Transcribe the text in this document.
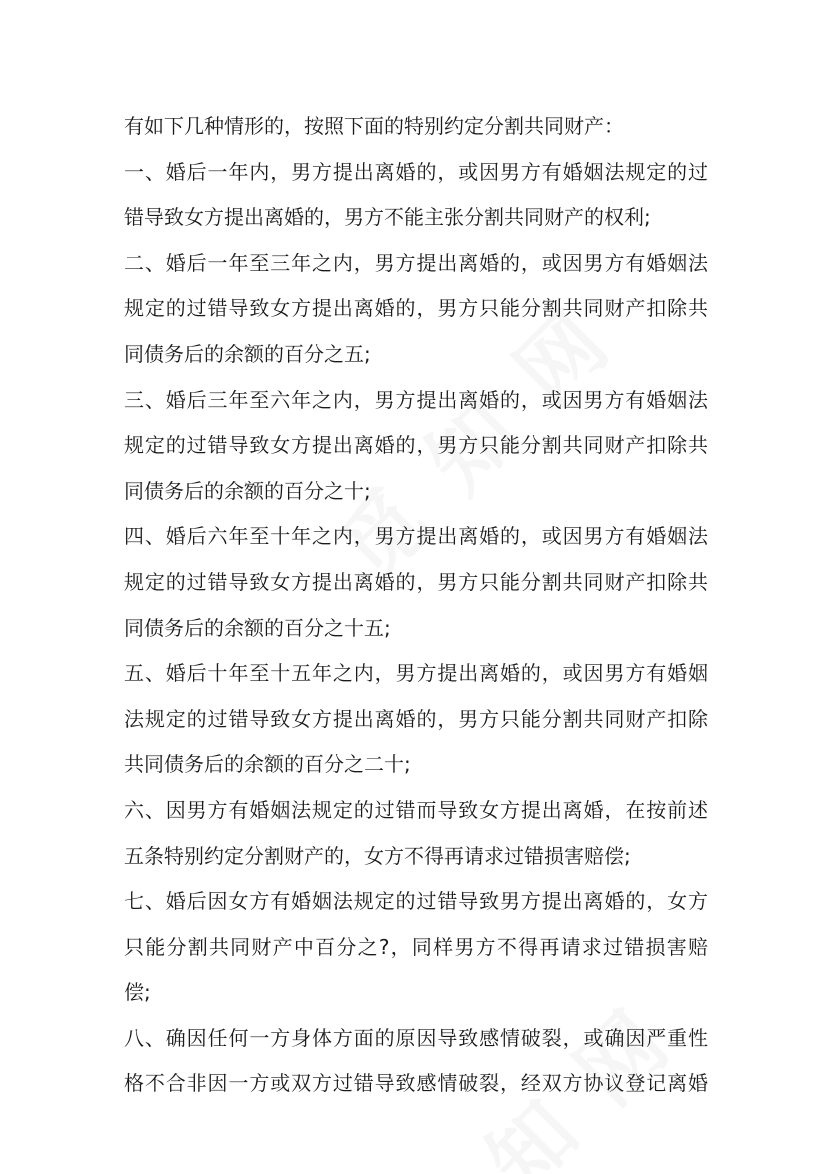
有如下几种情形的，按照下面的特别约定分割共同财产：
一、婚后一年内，男方提出离婚的，或因男方有婚姻法规定的过
错导致女方提出离婚的，男方不能主张分割共同财产的权利;
二、婚后一年至三年之内，男方提出离婚的，或因男方有婚姻法
规定的过错导致女方提出离婚的，男方只能分割共同财产扣除共
同债务后的余额的百分之五;
三、婚后三年至六年之内，男方提出离婚的，或因男方有婚姻法
规定的过错导致女方提出离婚的，男方只能分割共同财产扣除共
同债务后的余额的百分之十;
四、婚后六年至十年之内，男方提出离婚的，或因男方有婚姻法
规定的过错导致女方提出离婚的，男方只能分割共同财产扣除共
同债务后的余额的百分之十五;
五、婚后十年至十五年之内，男方提出离婚的，或因男方有婚姻
法规定的过错导致女方提出离婚的，男方只能分割共同财产扣除
共同债务后的余额的百分之二十;
六、因男方有婚姻法规定的过错而导致女方提出离婚，在按前述
五条特别约定分割财产的，女方不得再请求过错损害赔偿;
七、婚后因女方有婚姻法规定的过错导致男方提出离婚的，女方
只能分割共同财产中百分之?，同样男方不得再请求过错损害赔
偿;
八、确因任何一方身体方面的原因导致感情破裂，或确因严重性
格不合非因一方或双方过错导致感情破裂，经双方协议登记离婚
